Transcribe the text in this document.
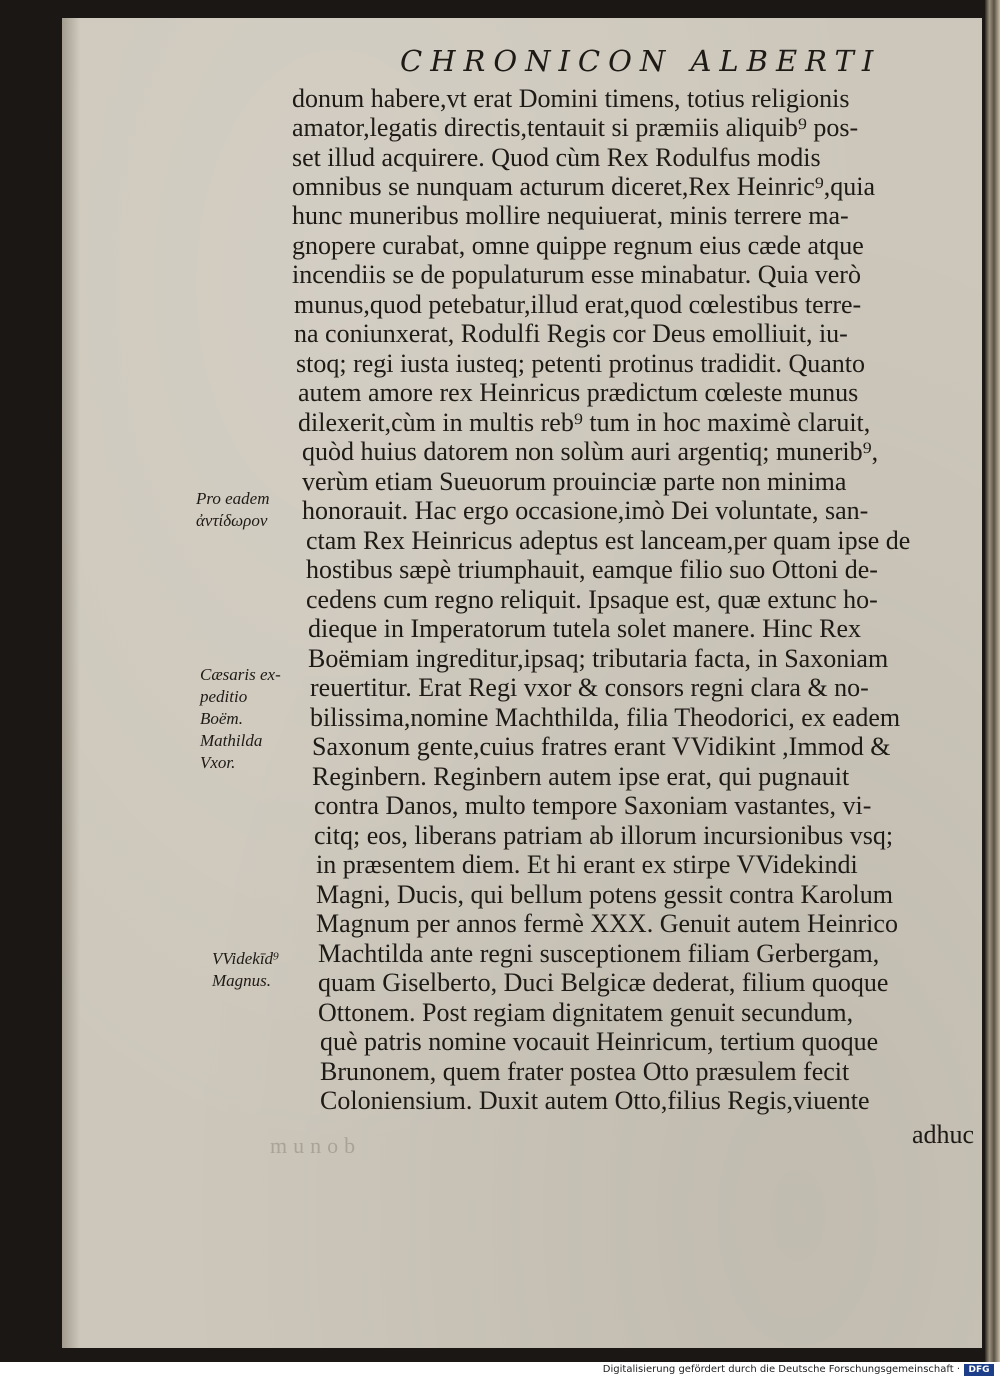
CHRONICON ALBERTI
donum habere,vt erat Domini timens, totius religionis
amator,legatis directis,tentauit si præmiis aliquib⁹ pos-
set illud acquirere. Quod cùm Rex Rodulfus modis
omnibus se nunquam acturum diceret,Rex Heinric⁹,quia
hunc muneribus mollire nequiuerat, minis terrere ma-
gnopere curabat, omne quippe regnum eius cæde atque
incendiis se de populaturum esse minabatur. Quia verò
munus,quod petebatur,illud erat,quod cœlestibus terre-
na coniunxerat, Rodulfi Regis cor Deus emolliuit, iu-
stoq; regi iusta iusteq; petenti protinus tradidit. Quanto
autem amore rex Heinricus prædictum cœleste munus
dilexerit,cùm in multis reb⁹ tum in hoc maximè claruit,
quòd huius datorem non solùm auri argentiq; munerib⁹,
verùm etiam Sueuorum prouinciæ parte non minima
honorauit. Hac ergo occasione,imò Dei voluntate, san-
ctam Rex Heinricus adeptus est lanceam,per quam ipse de
hostibus sæpè triumphauit, eamque filio suo Ottoni de-
cedens cum regno reliquit. Ipsaque est, quæ extunc ho-
dieque in Imperatorum tutela solet manere. Hinc Rex
Boëmiam ingreditur,ipsaq; tributaria facta, in Saxoniam
reuertitur. Erat Regi vxor & consors regni clara & no-
bilissima,nomine Machthilda, filia Theodorici, ex eadem
Saxonum gente,cuius fratres erant VVidikint ,Immod &
Reginbern. Reginbern autem ipse erat, qui pugnauit
contra Danos, multo tempore Saxoniam vastantes, vi-
citq; eos, liberans patriam ab illorum incursionibus vsq;
in præsentem diem. Et hi erant ex stirpe VVidekindi
Magni, Ducis, qui bellum potens gessit contra Karolum
Magnum per annos fermè XXX. Genuit autem Heinrico
Machtilda ante regni susceptionem filiam Gerbergam,
quam Giselberto, Duci Belgicæ dederat, filium quoque
Ottonem. Post regiam dignitatem genuit secundum,
què patris nomine vocauit Heinricum, tertium quoque
Brunonem, quem frater postea Otto præsulem fecit
Coloniensium. Duxit autem Otto,filius Regis,viuente
adhuc
munob
Pro eadem
ἀντίδωρον
Cæsaris ex-
peditio
Boëm.
Mathilda
Vxor.
VVidekīd⁹
Magnus.
Digitalisierung gefördert durch die Deutsche Forschungsgemeinschaft · DFG
